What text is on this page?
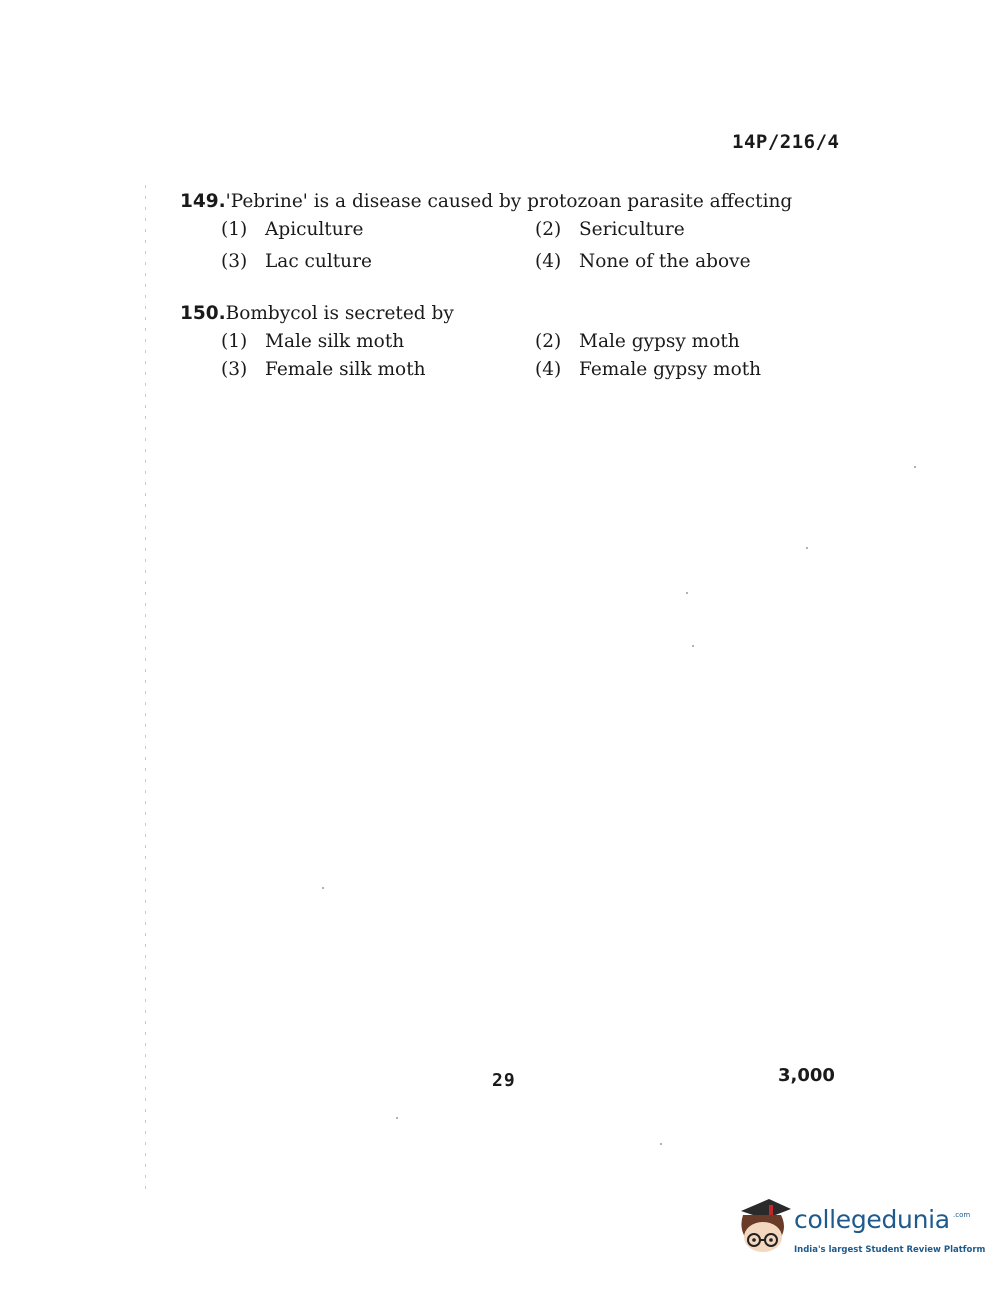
14P/216/4
149.'Pebrine' is a disease caused by protozoan parasite affecting
(1) Apiculture	(2) Sericulture
(3) Lac culture	(4) None of the above
150.Bombycol is secreted by
(1) Male silk moth	(2) Male gypsy moth
(3) Female silk moth	(4) Female gypsy moth
29	3,000
collegedunia .com
India's largest Student Review Platform
